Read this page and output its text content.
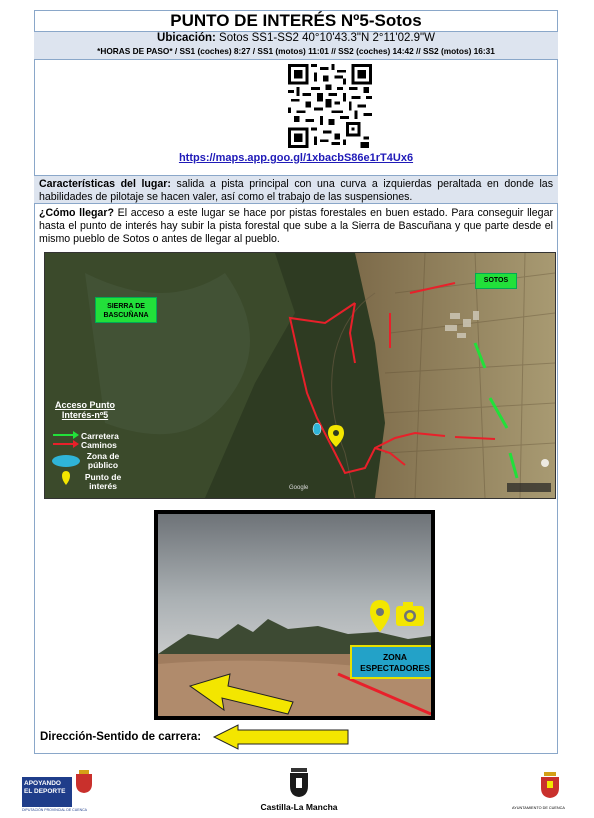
PUNTO DE INTERÉS Nº5-Sotos
Ubicación: Sotos SS1-SS2 40°10'43.3"N 2°11'02.9"W
*HORAS DE PASO* / SS1 (coches) 8:27 / SS1 (motos) 11:01 // SS2 (coches) 14:42 // SS2 (motos) 16:31
https://maps.app.goo.gl/1xbacbS86e1rT4Ux6
Características del lugar: salida a pista principal con una curva a izquierdas peraltada en donde las habilidades de pilotaje se hacen valer, así como el trabajo de las suspensiones.
¿Cómo llegar? El acceso a este lugar se hace por pistas forestales en buen estado. Para conseguir llegar hasta el punto de interés hay subir la pista forestal que sube a la Sierra de Bascuñana y que parte desde el mismo pueblo de Sotos o antes de llegar al pueblo.
SIERRA DE BASCUÑANA
SOTOS
Acceso Punto Interés-nº5
Carretera
Caminos
Zona de público
Punto de interés	Google
ZONA ESPECTADORES
Dirección-Sentido de carrera:
APOYANDO
EL DEPORTE
DIPUTACIÓN PROVINCIAL DE CUENCA	Castilla-La Mancha	AYUNTAMIENTO DE CUENCA
